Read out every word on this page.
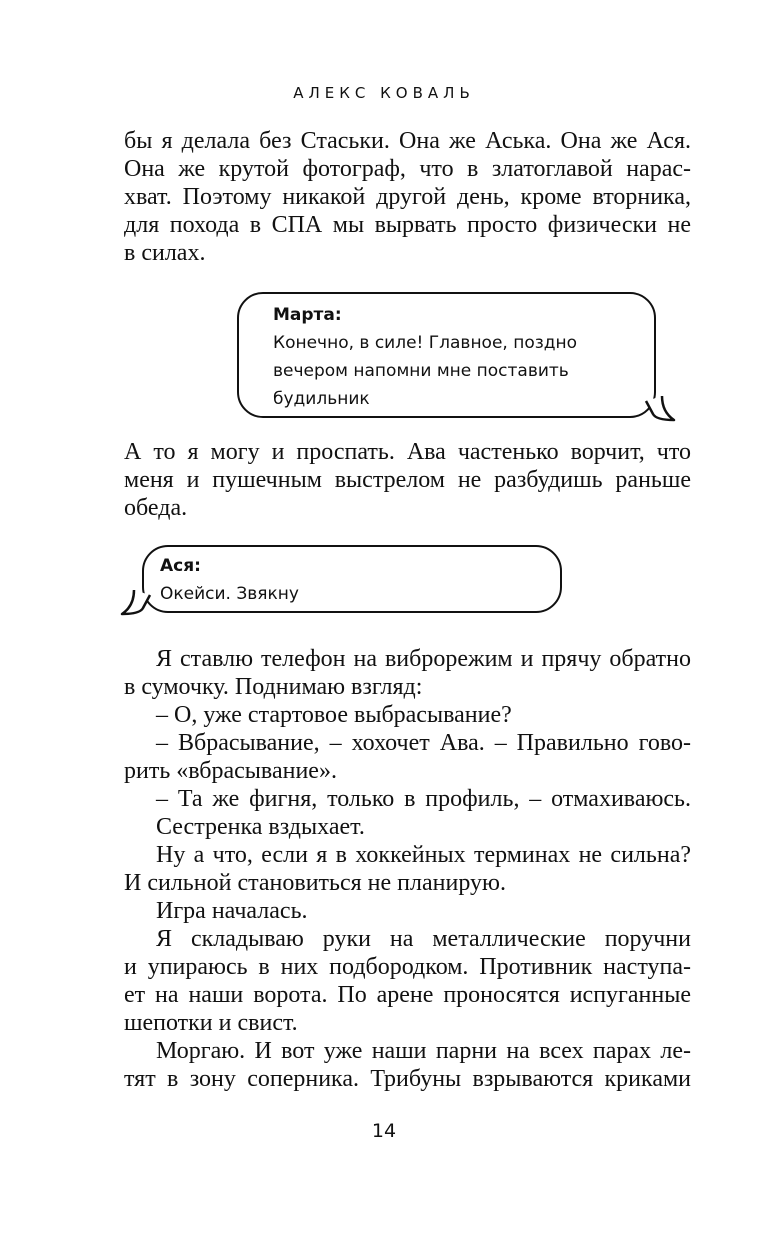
АЛЕКС КОВАЛЬ
бы я делала без Стаськи. Она же Аська. Она же Ася.
Она же крутой фотограф, что в златоглавой нарас-
хват. Поэтому никакой другой день, кроме вторника,
для похода в СПА мы вырвать просто физически не
в силах.
Марта:
Конечно, в силе! Главное, поздно
вечером напомни мне поставить
будильник
А то я могу и проспать. Ава частенько ворчит, что
меня и пушечным выстрелом не разбудишь раньше
обеда.
Ася:
Окейси. Звякну
Я ставлю телефон на виброрежим и прячу обратно
в сумочку. Поднимаю взгляд:
– О, уже стартовое выбрасывание?
– Вбрасывание, – хохочет Ава. – Правильно гово-
рить «вбрасывание».
– Та же фигня, только в профиль, – отмахиваюсь.
Сестренка вздыхает.
Ну а что, если я в хоккейных терминах не сильна?
И сильной становиться не планирую.
Игра началась.
Я складываю руки на металлические поручни
и упираюсь в них подбородком. Противник наступа-
ет на наши ворота. По арене проносятся испуганные
шепотки и свист.
Моргаю. И вот уже наши парни на всех парах ле-
тят в зону соперника. Трибуны взрываются криками
14
